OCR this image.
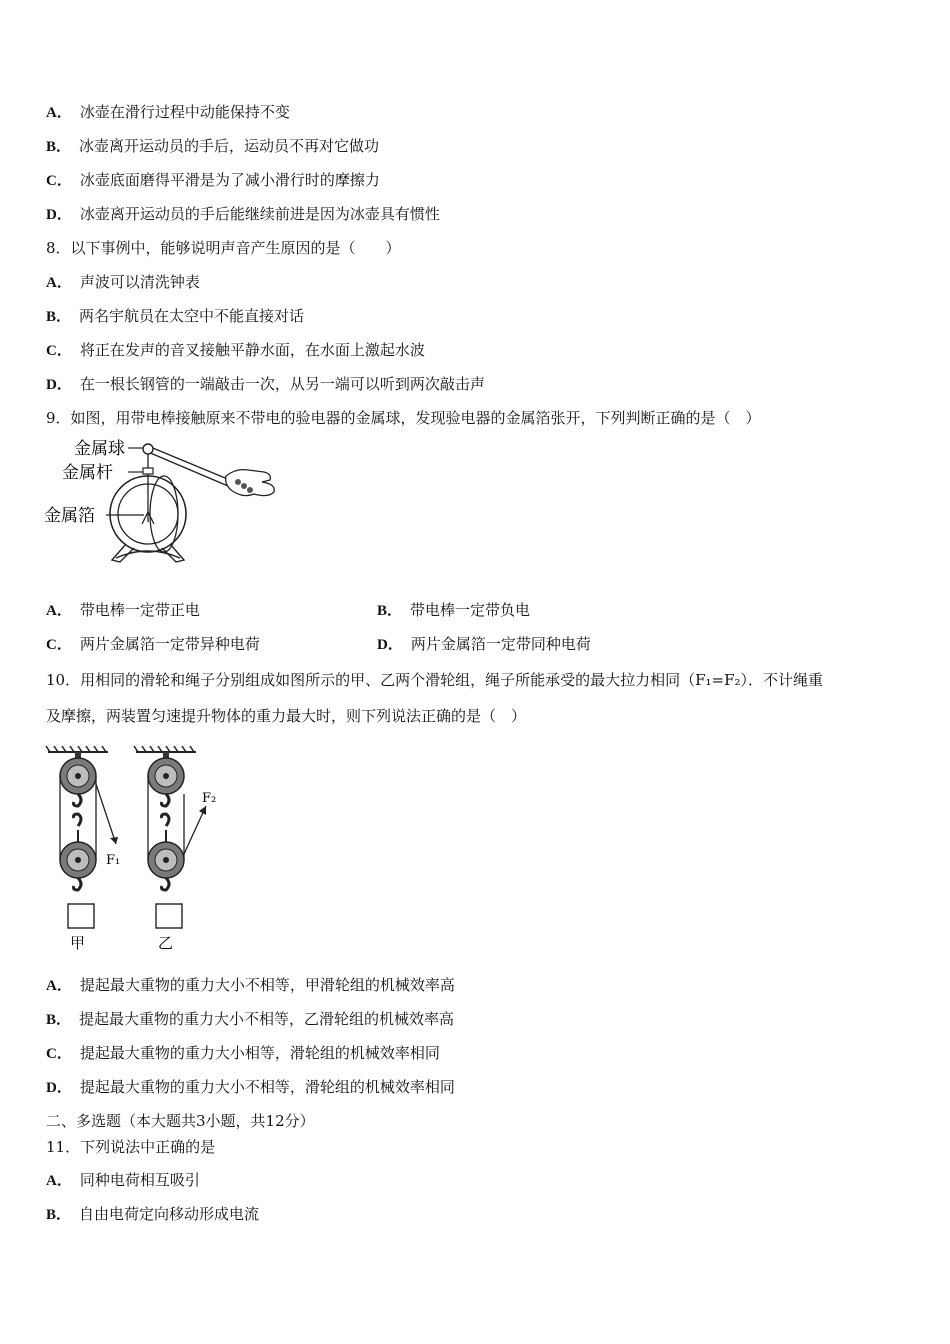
A． 冰壶在滑行过程中动能保持不变
B． 冰壶离开运动员的手后，运动员不再对它做功
C． 冰壶底面磨得平滑是为了减小滑行时的摩擦力
D． 冰壶离开运动员的手后能继续前进是因为冰壶具有惯性
8．以下事例中，能够说明声音产生原因的是（　　）
A． 声波可以清洗钟表
B． 两名宇航员在太空中不能直接对话
C． 将正在发声的音叉接触平静水面，在水面上激起水波
D． 在一根长钢管的一端敲击一次，从另一端可以听到两次敲击声
9．如图，用带电棒接触原来不带电的验电器的金属球，发现验电器的金属箔张开，下列判断正确的是（　）
金属球
金属杆
金属箔
A． 带电棒一定带正电	B． 带电棒一定带负电
C． 两片金属箔一定带异种电荷	D． 两片金属箔一定带同种电荷
10．用相同的滑轮和绳子分别组成如图所示的甲、乙两个滑轮组，绳子所能承受的最大拉力相同（F₁=F₂）．不计绳重
及摩擦，两装置匀速提升物体的重力最大时，则下列说法正确的是（　）
F₁
甲
F₂
乙
A． 提起最大重物的重力大小不相等，甲滑轮组的机械效率高
B． 提起最大重物的重力大小不相等，乙滑轮组的机械效率高
C． 提起最大重物的重力大小相等，滑轮组的机械效率相同
D． 提起最大重物的重力大小不相等，滑轮组的机械效率相同
二、多选题（本大题共3小题，共12分）
11．下列说法中正确的是
A． 同种电荷相互吸引
B． 自由电荷定向移动形成电流
